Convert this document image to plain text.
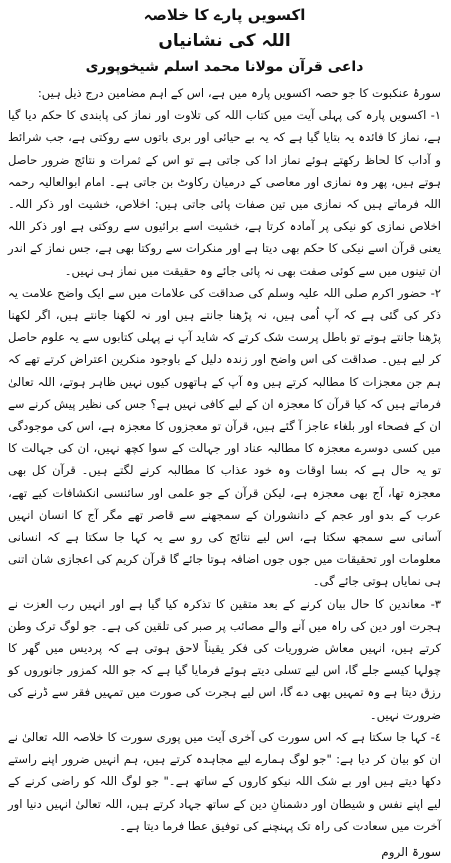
اکسویں پارے کا خلاصہ
اللہ کی نشانیاں
داعی قرآن مولانا محمد اسلم شیخوپوری

سورۂ عنکبوت کا جو حصہ اکسویں پارہ میں ہے، اس کے اہم مضامین درج ذیل ہیں:

١- اکسویں پارہ کی پہلی آیت میں کتاب اللہ کی تلاوت اور نماز کی پابندی کا حکم دیا گیا ہے، نماز کا فائدہ یہ بتایا گیا ہے کہ یہ بے حیائی اور بری باتوں سے روکتی ہے، جب شرائط و آداب کا لحاظ رکھتے ہوئے نماز ادا کی جاتی ہے تو اس کے ثمرات و نتائج ضرور حاصل ہوتے ہیں، پھر وہ نمازی اور معاصی کے درمیان رکاوٹ بن جاتی ہے۔ امام ابوالعالیہ رحمہ اللہ فرماتے ہیں کہ نمازی میں تین صفات پائی جاتی ہیں: اخلاص، خشیت اور ذکر اللہ۔ اخلاص نمازی کو نیکی پر آمادہ کرتا ہے، خشیت اسے برائیوں سے روکتی ہے اور ذکر اللہ یعنی قرآن اسے نیکی کا حکم بھی دیتا ہے اور منکرات سے روکتا بھی ہے، جس نماز کے اندر ان تینوں میں سے کوئی صفت بھی نہ پائی جائے وہ حقیقت میں نماز ہی نہیں۔

٢- حضور اکرم صلی اللہ علیہ وسلم کی صداقت کی علامات میں سے ایک واضح علامت یہ ذکر کی گئی ہے کہ آپ اُمی ہیں، نہ پڑھنا جانتے ہیں اور نہ لکھنا جانتے ہیں، اگر لکھنا پڑھنا جانتے ہوتے تو باطل پرست شک کرتے کہ شاید آپ نے پہلی کتابوں سے یہ علوم حاصل کر لیے ہیں۔ صداقت کی اس واضح اور زندہ دلیل کے باوجود منکرین اعتراض کرتے تھے کہ ہم جن معجزات کا مطالبہ کرتے ہیں وہ آپ کے ہاتھوں کیوں نہیں ظاہر ہوتے، اللہ تعالیٰ فرماتے ہیں کہ کیا قرآن کا معجزہ ان کے لیے کافی نہیں ہے؟ جس کی نظیر پیش کرنے سے ان کے فصحاء اور بلغاء عاجز آ گئے ہیں، قرآن تو معجزوں کا معجزہ ہے، اس کی موجودگی میں کسی دوسرے معجزہ کا مطالبہ عناد اور جہالت کے سوا کچھ نہیں، ان کی جہالت کا تو یہ حال ہے کہ بسا اوقات وہ خود عذاب کا مطالبہ کرنے لگتے ہیں۔ قرآن کل بھی معجزہ تھا، آج بھی معجزہ ہے، لیکن قرآن کے جو علمی اور سائنسی انکشافات کیے تھے، عرب کے بدو اور عجم کے دانشوران کے سمجھنے سے قاصر تھے مگر آج کا انسان انہیں آسانی سے سمجھ سکتا ہے، اس لیے نتائج کی رو سے یہ کہا جا سکتا ہے کہ انسانی معلومات اور تحقیقات میں جوں جوں اضافہ ہوتا جائے گا قرآن کریم کی اعجازی شان اتنی ہی نمایاں ہوتی جائے گی۔

٣- معاندین کا حال بیان کرنے کے بعد متقین کا تذکرہ کیا گیا ہے اور انہیں رب العزت نے ہجرت اور دین کی راہ میں آنے والے مصائب پر صبر کی تلقین کی ہے۔ جو لوگ ترک وطن کرتے ہیں، انہیں معاش ضروریات کی فکر یقیناً لاحق ہوتی ہے کہ پردیس میں گھر کا چولہا کیسے جلے گا، اس لیے تسلی دیتے ہوئے فرمایا گیا ہے کہ جو اللہ کمزور جانوروں کو رزق دیتا ہے وہ تمہیں بھی دے گا، اس لیے ہجرت کی صورت میں تمہیں فقر سے ڈرنے کی ضرورت نہیں۔

٤- کہا جا سکتا ہے کہ اس سورت کی آخری آیت میں پوری سورت کا خلاصہ اللہ تعالیٰ نے ان کو بیان کر دیا ہے: "جو لوگ ہمارے لیے مجاہدہ کرتے ہیں، ہم انہیں ضرور اپنے راستے دکھا دیتے ہیں اور بے شک اللہ نیکو کاروں کے ساتھ ہے۔" جو لوگ اللہ کو راضی کرنے کے لیے اپنے نفس و شیطان اور دشمنانِ دین کے ساتھ جہاد کرتے ہیں، اللہ تعالیٰ انہیں دنیا اور آخرت میں سعادت کی راہ تک پہنچنے کی توفیق عطا فرما دیتا ہے۔

سورۃ الروم
